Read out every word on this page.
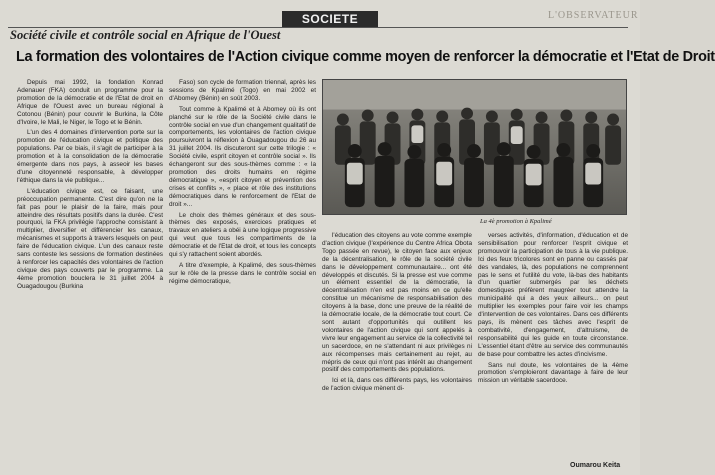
L'OBSERVATEUR
SOCIETE
Société civile et contrôle social en Afrique de l'Ouest
La formation des volontaires de l'Action civique comme moyen de renforcer la démocratie et l'Etat de Droit

Depuis mai 1992, la fondation Konrad Adenauer (FKA) conduit un programme pour la promotion de la démocratie et de l'Etat de droit en Afrique de l'Ouest avec un bureau régional à Cotonou (Bénin) pour couvrir le Burkina, la Côte d'Ivoire, le Mali, le Niger, le Togo et le Bénin.

L'un des 4 domaines d'intervention porte sur la promotion de l'éducation civique et politique des populations. Par ce biais, il s'agit de participer à la promotion et à la consolidation de la démocratie émergente dans nos pays, à asseoir les bases d'une citoyenneté responsable, à développer l'éthique dans la vie publique...

L'éducation civique est, ce faisant, une préoccupation permanente. C'est dire qu'on ne la fait pas pour le plaisir de la faire, mais pour atteindre des résultats positifs dans la durée. C'est pourquoi, la FKA privilégie l'approche consistant à multiplier, diversifier et différencier les canaux, mécanismes et supports à travers lesquels on peut faire de l'éducation civique. L'un des canaux reste sans conteste les sessions de formation destinées à renforcer les capacités des volontaires de l'action civique des pays couverts par le programme. La 4ème promotion bouclera le 31 juillet 2004 à Ouagadougou (Burkina

Faso) son cycle de formation triennal, après les sessions de Kpalimé (Togo) en mai 2002 et d'Abomey (Bénin) en soût 2003.

Tout comme à Kpalimé et à Abomey où ils ont planché sur le rôle de la Société civile dans le contrôle social en vue d'un changement qualitatif de comportements, les volontaires de l'action civique poursuivront la réflexion à Ouagadougou du 26 au 31 juillet 2004. Ils discuteront sur cette trilogie : « Société civile, esprit citoyen et contrôle social ». Ils échangeront sur des sous-thèmes comme : « la promotion des droits humains en régime démocratique », «esprit citoyen et prévention des crises et conflits », « place et rôle des institutions démocratiques dans le renforcement de l'Etat de droit »...

Le choix des thèmes généraux et des sous-thèmes des exposés, exercices pratiques et travaux en ateliers a obéi à une logique progressive qui veut que tous les compartiments de la démocratie et de l'Etat de droit, et tous les concepts qui s'y rattachent soient abordés.

A titre d'exemple, à Kpalimé, des sous-thèmes sur le rôle de la presse dans le contrôle social en régime démocratique,

La 4è promotion à Kpalimé

l'éducation des citoyens au vote comme exemple d'action civique (l'expérience du Centre Africa Obota Togo passée en revue), le citoyen face aux enjeux de la décentralisation, le rôle de la société civile dans le développement communautaire... ont été développés et discutés. Si la presse est vue comme un élément essentiel de la démocratie, la décentralisation n'en est pas moins en ce qu'elle constitue un mécanisme de responsabilisation des citoyens à la base, donc une preuve de la réalité de la démocratie locale, de la démocratie tout court. Ce sont autant d'opportunités qui outillent les volontaires de l'action civique qui sont appelés à vivre leur engagement au service de la collectivité tel un sacerdoce, en ne s'attendant ni aux privilèges ni aux récompenses mais certainement au rejet, au mépris de ceux qui n'ont pas intérêt au changement positif des comportements des populations.

Ici et là, dans ces différents pays, les volontaires de l'action civique mènent di-

verses activités, d'information, d'éducation et de sensibilisation pour renforcer l'esprit civique et promouvoir la participation de tous à la vie publique. Ici des feux tricolores sont en panne ou cassés par des vandales, là, des populations ne comprennent pas le sens et l'utilité du vote, là-bas des habitants d'un quartier submergés par les déchets domestiques préfèrent maugréer tout attendre la municipalité qui a des yeux ailleurs... on peut multiplier les exemples pour faire voir les champs d'intervention de ces volontaires. Dans ces différents pays, ils mènent ces tâches avec l'esprit de combativité, d'engagement, d'altruisme, de responsabilité qui les guide en toute circonstance. L'essentiel étant d'être au service des communautés de base pour combattre les actes d'incivisme.

Sans nul doute, les volontaires de la 4ème promotion s'emploieront davantage à faire de leur mission un véritable sacerdoce.

Oumarou Keita
